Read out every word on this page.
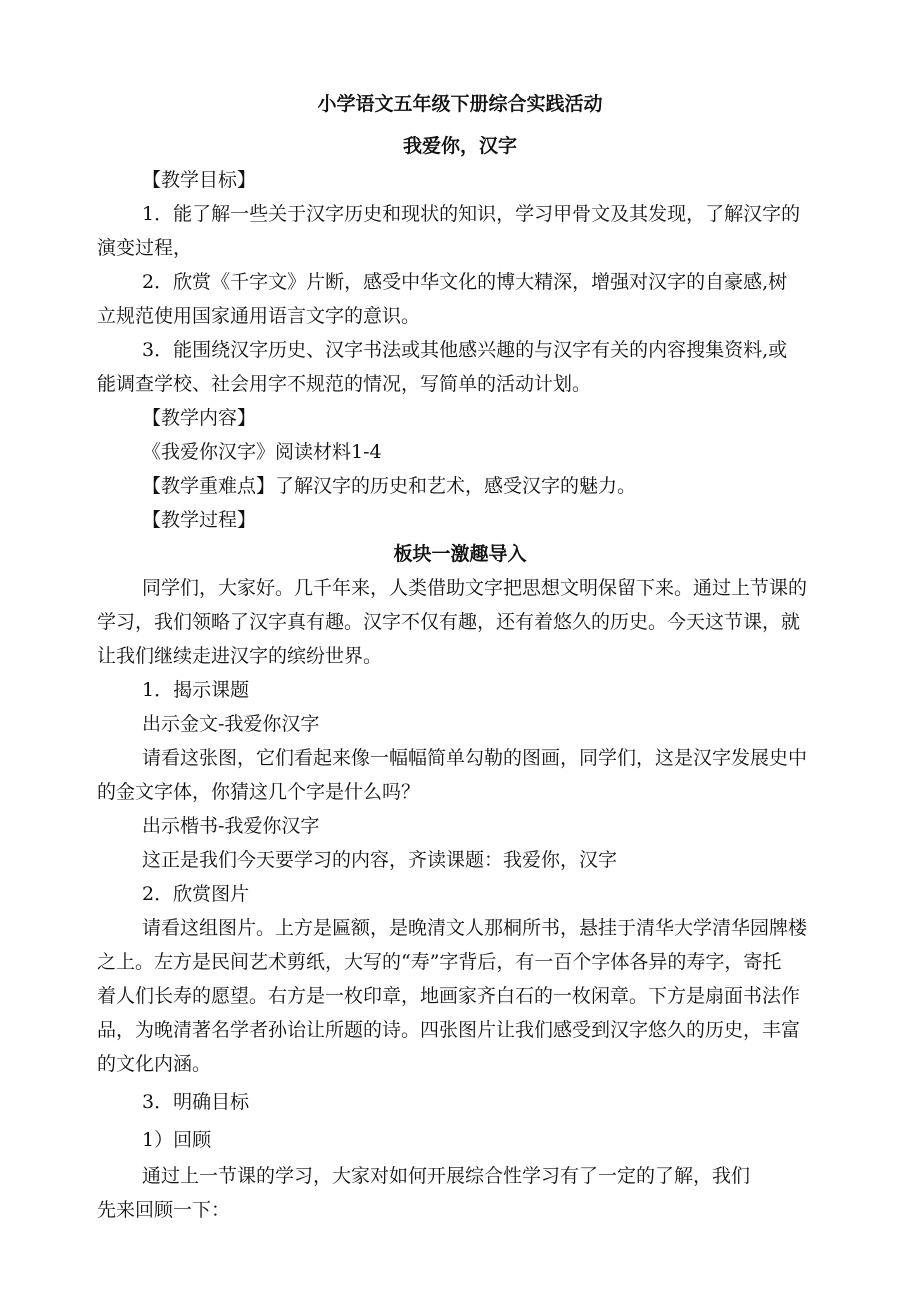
小学语文五年级下册综合实践活动
我爱你，汉字
【教学目标】
1．能了解一些关于汉字历史和现状的知识，学习甲骨文及其发现，了解汉字的
演变过程，
2．欣赏《千字文》片断，感受中华文化的博大精深，增强对汉字的自豪感,树
立规范使用国家通用语言文字的意识。
3．能围绕汉字历史、汉字书法或其他感兴趣的与汉字有关的内容搜集资料,或
能调查学校、社会用字不规范的情况，写简单的活动计划。
【教学内容】
《我爱你汉字》阅读材料1-4
【教学重难点】了解汉字的历史和艺术，感受汉字的魅力。
【教学过程】
板块一激趣导入
同学们，大家好。几千年来，人类借助文字把思想文明保留下来。通过上节课的
学习，我们领略了汉字真有趣。汉字不仅有趣，还有着悠久的历史。今天这节课，就
让我们继续走进汉字的缤纷世界。
1．揭示课题
出示金文-我爱你汉字
请看这张图，它们看起来像一幅幅简单勾勒的图画，同学们，这是汉字发展史中
的金文字体，你猜这几个字是什么吗？
出示楷书-我爱你汉字
这正是我们今天要学习的内容，齐读课题：我爱你，汉字
2．欣赏图片
请看这组图片。上方是匾额，是晚清文人那桐所书，悬挂于清华大学清华园牌楼
之上。左方是民间艺术剪纸，大写的“寿”字背后，有一百个字体各异的寿字，寄托
着人们长寿的愿望。右方是一枚印章，地画家齐白石的一枚闲章。下方是扇面书法作
品，为晚清著名学者孙诒让所题的诗。四张图片让我们感受到汉字悠久的历史，丰富
的文化内涵。
3．明确目标
1）回顾
通过上一节课的学习，大家对如何开展综合性学习有了一定的了解，我们
先来回顾一下：
